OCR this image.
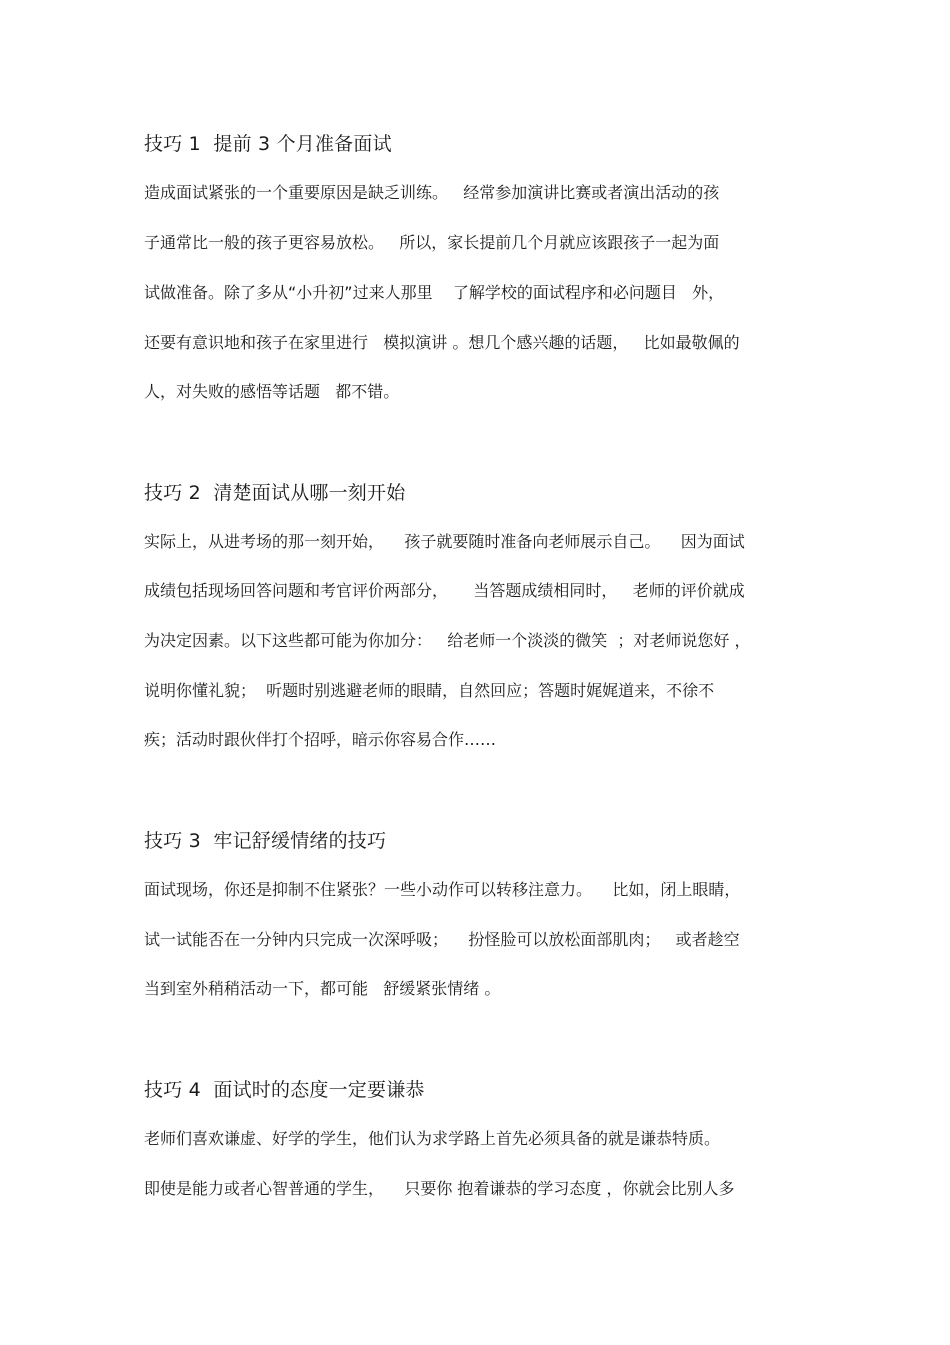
技巧 1  提前 3 个月准备面试
造成面试紧张的一个重要原因是缺乏训练。   经常参加演讲比赛或者演出活动的孩
子通常比一般的孩子更容易放松。   所以，家长提前几个月就应该跟孩子一起为面
试做准备。除了多从“小升初”过来人那里    了解学校的面试程序和必问题目   外，
还要有意识地和孩子在家里进行   模拟演讲 。想几个感兴趣的话题，   比如最敬佩的
人，对失败的感悟等话题   都不错。
技巧 2  清楚面试从哪一刻开始
实际上，从进考场的那一刻开始，    孩子就要随时准备向老师展示自己。    因为面试
成绩包括现场回答问题和考官评价两部分，     当答题成绩相同时，   老师的评价就成
为决定因素。以下这些都可能为你加分：   给老师一个淡淡的微笑  ；对老师说您好 ，
说明你懂礼貌；  听题时别逃避老师的眼睛，自然回应；答题时娓娓道来，不徐不
疾；活动时跟伙伴打个招呼，暗示你容易合作……
技巧 3  牢记舒缓情绪的技巧
面试现场，你还是抑制不住紧张？一些小动作可以转移注意力。    比如，闭上眼睛，
试一试能否在一分钟内只完成一次深呼吸；    扮怪脸可以放松面部肌肉；   或者趁空
当到室外稍稍活动一下，都可能   舒缓紧张情绪 。
技巧 4  面试时的态度一定要谦恭
老师们喜欢谦虚、好学的学生，他们认为求学路上首先必须具备的就是谦恭特质。
即使是能力或者心智普通的学生，    只要你 抱着谦恭的学习态度 ，你就会比别人多
